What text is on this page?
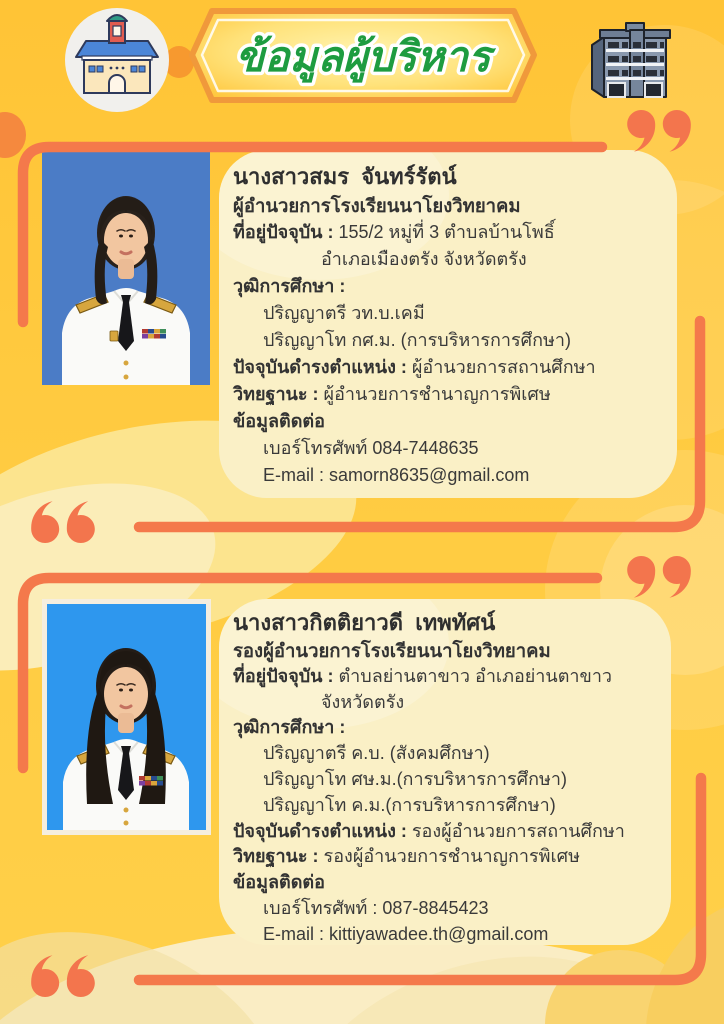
ข้อมูลผู้บริหาร
นางสาวสมร  จันทร์รัตน์
ผู้อำนวยการโรงเรียนนาโยงวิทยาคม
ที่อยู่ปัจจุบัน : 155/2 หมู่ที่ 3 ตำบลบ้านโพธิ์
อำเภอเมืองตรัง จังหวัดตรัง
วุฒิการศึกษา :
ปริญญาตรี วท.บ.เคมี
ปริญญาโท กศ.ม. (การบริหารการศึกษา)
ปัจจุบันดำรงตำแหน่ง : ผู้อำนวยการสถานศึกษา
วิทยฐานะ : ผู้อำนวยการชำนาญการพิเศษ
ข้อมูลติดต่อ
เบอร์โทรศัพท์ 084-7448635
E-mail : samorn8635@gmail.com
นางสาวกิตติยาวดี  เทพทัศน์
รองผู้อำนวยการโรงเรียนนาโยงวิทยาคม
ที่อยู่ปัจจุบัน : ตำบลย่านตาขาว อำเภอย่านตาขาว
จังหวัดตรัง
วุฒิการศึกษา :
ปริญญาตรี ค.บ. (สังคมศึกษา)
ปริญญาโท ศษ.ม.(การบริหารการศึกษา)
ปริญญาโท ค.ม.(การบริหารการศึกษา)
ปัจจุบันดำรงตำแหน่ง : รองผู้อำนวยการสถานศึกษา
วิทยฐานะ : รองผู้อำนวยการชำนาญการพิเศษ
ข้อมูลติดต่อ
เบอร์โทรศัพท์ : 087-8845423
E-mail : kittiyawadee.th@gmail.com
